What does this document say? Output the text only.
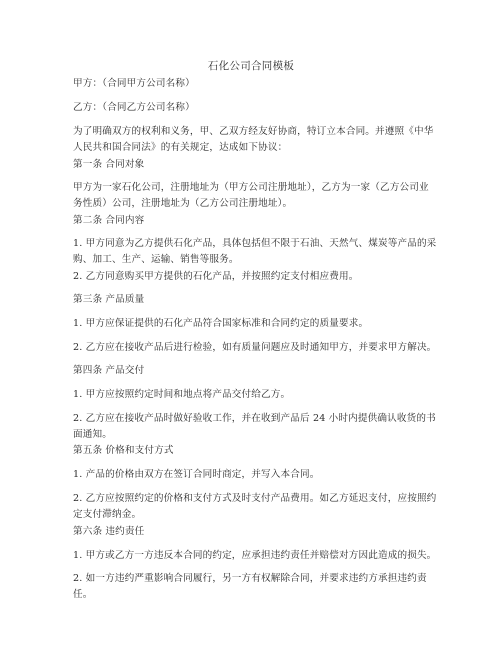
石化公司合同模板

甲方：（合同甲方公司名称）

乙方：（合同乙方公司名称）

为了明确双方的权利和义务，甲、乙双方经友好协商，特订立本合同。并遵照《中华人民共和国合同法》的有关规定，达成如下协议：

第一条 合同对象

甲方为一家石化公司，注册地址为（甲方公司注册地址），乙方为一家（乙方公司业务性质）公司，注册地址为（乙方公司注册地址）。

第二条 合同内容

1. 甲方同意为乙方提供石化产品，具体包括但不限于石油、天然气、煤炭等产品的采购、加工、生产、运输、销售等服务。

2. 乙方同意购买甲方提供的石化产品，并按照约定支付相应费用。

第三条 产品质量

1. 甲方应保证提供的石化产品符合国家标准和合同约定的质量要求。

2. 乙方应在接收产品后进行检验，如有质量问题应及时通知甲方，并要求甲方解决。

第四条 产品交付

1. 甲方应按照约定时间和地点将产品交付给乙方。

2. 乙方应在接收产品时做好验收工作，并在收到产品后 24 小时内提供确认收货的书面通知。

第五条 价格和支付方式

1. 产品的价格由双方在签订合同时商定，并写入本合同。

2. 乙方应按照约定的价格和支付方式及时支付产品费用。如乙方延迟支付，应按照约定支付滞纳金。

第六条 违约责任

1. 甲方或乙方一方违反本合同的约定，应承担违约责任并赔偿对方因此造成的损失。

2. 如一方违约严重影响合同履行，另一方有权解除合同，并要求违约方承担违约责任。
